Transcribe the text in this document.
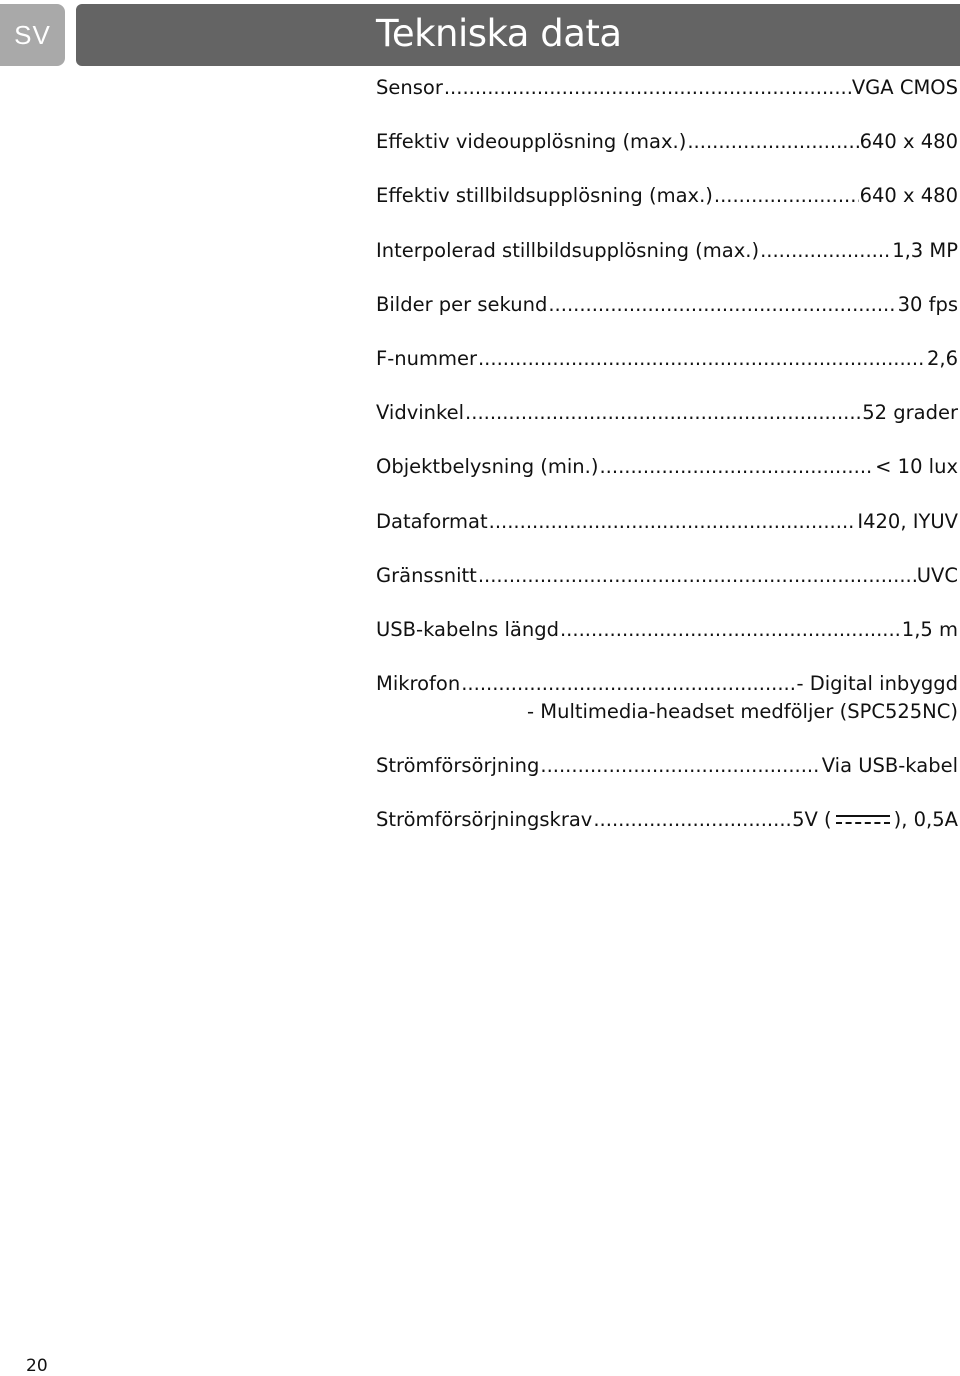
SV	Tekniska data
Sensor .....	VGA CMOS
Effektiv videoupplösning (max.) .....	640 x 480
Effektiv stillbildsupplösning (max.) .....	640 x 480
Interpolerad stillbildsupplösning (max.) .....	1,3 MP
Bilder per sekund .....	30 fps
F-nummer .....	2,6
Vidvinkel .....	52 grader
Objektbelysning (min.) .....	< 10 lux
Dataformat .....	I420, IYUV
Gränssnitt .....	UVC
USB-kabelns längd .....	1,5 m
Mikrofon .....	- Digital inbyggd
- Multimedia-headset medföljer (SPC525NC)
Strömförsörjning .....	Via USB-kabel
Strömförsörjningskrav .....	5V (	), 0,5A
20
